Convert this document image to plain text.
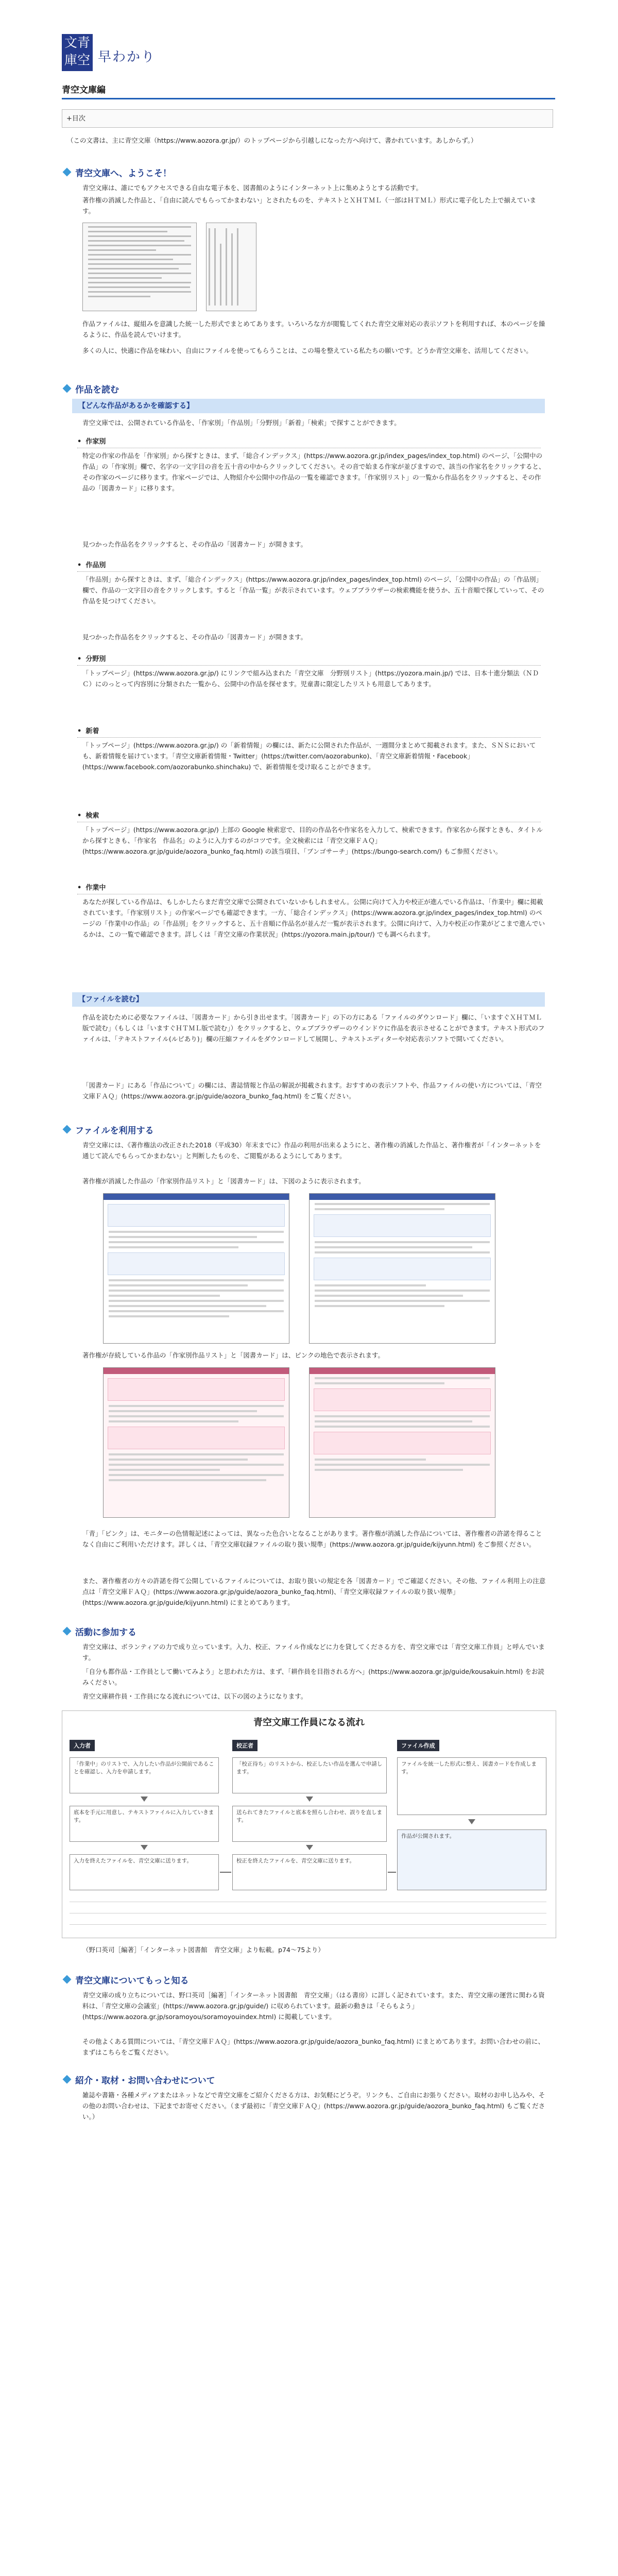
文青
庫空 早わかり
青空文庫編
+目次

（この文書は、主に青空文庫（https://www.aozora.gr.jp/）のトップページから引越しになった方へ向けて、書かれています。あしからず。）

青空文庫へ、ようこそ！

青空文庫は、誰にでもアクセスできる自由な電子本を、図書館のようにインターネット上に集めようとする活動です。

著作権の消滅した作品と、「自由に読んでもらってかまわない」とされたものを、テキストとＸＨＴＭＬ（一部はＨＴＭＬ）形式に電子化した上で揃えています。

作品ファイルは、縦組みを意識した統一した形式でまとめてあります。いろいろな方が閲覧してくれた青空文庫対応の表示ソフトを利用すれば、本のページを繰るように、作品を読んでいけます。

多くの人に、快適に作品を味わい、自由にファイルを使ってもらうことは、この場を整えている私たちの願いです。どうか青空文庫を、活用してください。

作品を読む
【どんな作品があるかを確認する】

青空文庫では、公開されている作品を、「作家別」「作品別」「分野別」「新着」「検索」で探すことができます。

• 作家別

特定の作家の作品を「作家別」から探すときは、まず、「総合インデックス」(https://www.aozora.gr.jp/index_pages/index_top.html) のページ、「公開中の作品」の「作家別」欄で、名字の一文字目の音を五十音の中からクリックしてください。その音で始まる作家が並びますので、該当の作家名をクリックすると、その作家のページに移ります。作家ページでは、人物紹介や公開中の作品の一覧を確認できます。「作家別リスト」の一覧から作品名をクリックすると、その作品の「図書カード」に移ります。

見つかった作品名をクリックすると、その作品の「図書カード」が開きます。

• 作品別

「作品別」から探すときは、まず、「総合インデックス」(https://www.aozora.gr.jp/index_pages/index_top.html) のページ、「公開中の作品」の「作品別」欄で、作品の一文字目の音をクリックします。すると「作品一覧」が表示されています。ウェブブラウザーの検索機能を使うか、五十音順で探していって、その作品を見つけてください。

見つかった作品名をクリックすると、その作品の「図書カード」が開きます。

• 分野別

「トップページ」(https://www.aozora.gr.jp/) にリンクで組み込まれた「青空文庫　分野別リスト」(https://yozora.main.jp/) では、日本十進分類法（ＮＤＣ）にのっとって内容別に分類された一覧から、公開中の作品を探せます。児童書に限定したリストも用意してあります。

• 新着

「トップページ」(https://www.aozora.gr.jp/) の「新着情報」の欄には、新たに公開された作品が、一週間分まとめて掲載されます。また、ＳＮＳにおいても、新着情報を届けています。「青空文庫新着情報・Twitter」(https://twitter.com/aozorabunko)、「青空文庫新着情報・Facebook」(https://www.facebook.com/aozorabunko.shinchaku) で、新着情報を受け取ることができます。

• 検索

「トップページ」(https://www.aozora.gr.jp/) 上部の Google 検索窓で、目的の作品名や作家名を入力して、検索できます。作家名から探すときも、タイトルから探すときも、「作家名　作品名」のように入力するのがコツです。全文検索には「青空文庫ＦＡＱ」(https://www.aozora.gr.jp/guide/aozora_bunko_faq.html) の該当項目、「ブンゴサーチ」(https://bungo-search.com/) もご参照ください。

• 作業中

あなたが探している作品は、もしかしたらまだ青空文庫で公開されていないかもしれません。公開に向けて入力や校正が進んでいる作品は、「作業中」欄に掲載されています。「作家別リスト」の作家ページでも確認できます。一方、「総合インデックス」(https://www.aozora.gr.jp/index_pages/index_top.html) のページの「作業中の作品」の「作品別」をクリックすると、五十音順に作品名が並んだ一覧が表示されます。公開に向けて、入力や校正の作業がどこまで進んでいるかは、この一覧で確認できます。詳しくは「青空文庫の作業状況」(https://yozora.main.jp/tour/) でも調べられます。

【ファイルを読む】

作品を読むために必要なファイルは、「図書カード」から引き出せます。「図書カード」の下の方にある「ファイルのダウンロード」欄に、「いますぐＸＨＴＭＬ版で読む」（もしくは「いますぐＨＴＭＬ版で読む」）をクリックすると、ウェブブラウザーのウインドウに作品を表示させることができます。テキスト形式のファイルは、「テキストファイル(ルビあり)」欄の圧縮ファイルをダウンロードして展開し、テキストエディターや対応表示ソフトで開いてください。

「図書カード」にある「作品について」の欄には、書誌情報と作品の解説が掲載されます。おすすめの表示ソフトや、作品ファイルの使い方については、「青空文庫ＦＡＱ」(https://www.aozora.gr.jp/guide/aozora_bunko_faq.html) をご覧ください。

ファイルを利用する

青空文庫には、《著作権法の改正された2018（平成30）年末までに》作品の利用が出来るようにと、著作権の消滅した作品と、著作権者が「インターネットを通じて読んでもらってかまわない」と判断したものを、ご閲覧があるようにしてあります。

著作権が消滅した作品の「作家別作品リスト」と「図書カード」は、下図のように表示されます。

著作権が存続している作品の「作家別作品リスト」と「図書カード」は、ピンクの地色で表示されます。

「青」「ピンク」は、モニターの色情報記述によっては、異なった色合いとなることがあります。著作権が消滅した作品については、著作権者の許諾を得ることなく自由にご利用いただけます。詳しくは、「青空文庫収録ファイルの取り扱い規準」(https://www.aozora.gr.jp/guide/kijyunn.html) をご参照ください。

また、著作権者の方々の許諾を得て公開しているファイルについては、お取り扱いの規定を各「図書カード」でご確認ください。その他、ファイル利用上の注意点は「青空文庫ＦＡＱ」(https://www.aozora.gr.jp/guide/aozora_bunko_faq.html)、「青空文庫収録ファイルの取り扱い規準」(https://www.aozora.gr.jp/guide/kijyunn.html) にまとめてあります。

活動に参加する

青空文庫は、ボランティアの力で成り立っています。入力、校正、ファイル作成などに力を貸してくださる方を、青空文庫では「青空文庫工作員」と呼んでいます。

「自分も都作品・工作員として働いてみよう」と思われた方は、まず、「耕作員を目指される方へ」(https://www.aozora.gr.jp/guide/kousakuin.html) をお読みください。

青空文庫耕作員・工作員になる流れについては、以下の図のようになります。

青空文庫工作員になる流れ
入力者	校正者	ファイル作成
「作業中」のリストで、入力したい作品が公開前であることを確認し、入力を申請します。
底本を手元に用意し、テキストファイルに入力していきます。
入力を終えたファイルを、青空文庫に送ります。
「校正待ち」のリストから、校正したい作品を選んで申請します。
送られてきたファイルと底本を照らし合わせ、誤りを直します。
校正を終えたファイルを、青空文庫に送ります。
ファイルを統一した形式に整え、図書カードを作成します。
作品が公開されます。

（野口英司［編著］「インターネット図書館　青空文庫」より転載。p74～75より）

青空文庫についてもっと知る

青空文庫の成り立ちについては、野口英司［編著］「インターネット図書館　青空文庫」（はる書房）に詳しく記されています。また、青空文庫の運営に関わる資料は、「青空文庫の会議室」(https://www.aozora.gr.jp/guide/) に収められています。最新の動きは「そらもよう」(https://www.aozora.gr.jp/soramoyou/soramoyouindex.html) に掲載しています。

その他よくある質問については、「青空文庫ＦＡＱ」(https://www.aozora.gr.jp/guide/aozora_bunko_faq.html) にまとめてあります。お問い合わせの前に、まずはこちらをご覧ください。

紹介・取材・お問い合わせについて

雑誌や書籍・各種メディアまたはネットなどで青空文庫をご紹介くださる方は、お気軽にどうぞ。リンクも、ご自由にお張りください。取材のお申し込みや、その他のお問い合わせは、下記までお寄せください。（まず最初に「青空文庫ＦＡＱ」(https://www.aozora.gr.jp/guide/aozora_bunko_faq.html) もご覧ください。）
